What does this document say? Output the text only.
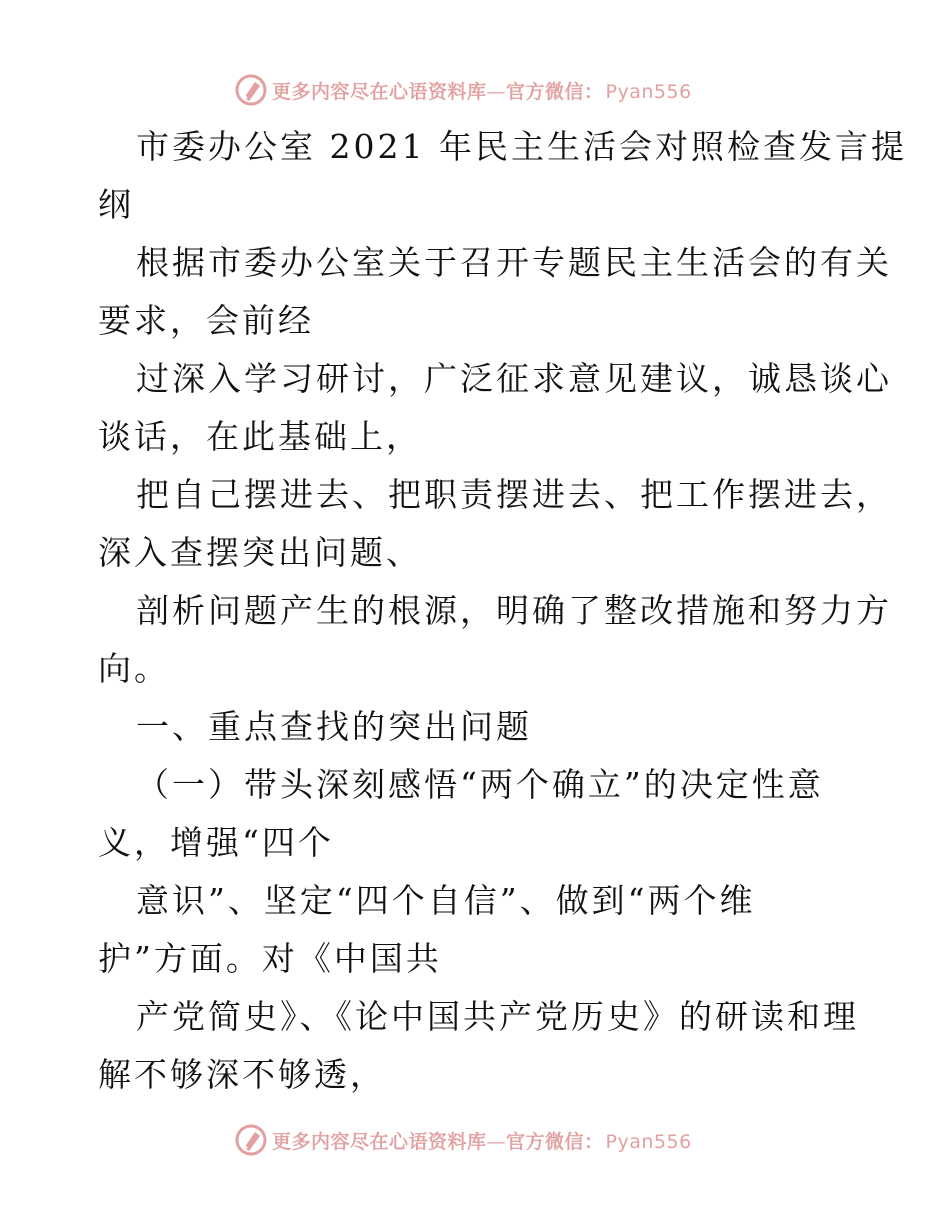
更多内容尽在心语资料库—官方微信： Pyan556
市委办公室 2021 年民主生活会对照检查发言提
纲
根据市委办公室关于召开专题民主生活会的有关
要求，会前经
过深入学习研讨，广泛征求意见建议，诚恳谈心
谈话，在此基础上，
把自己摆进去、把职责摆进去、把工作摆进去，
深入查摆突出问题、
剖析问题产生的根源，明确了整改措施和努力方
向。
一、重点查找的突出问题
（一）带头深刻感悟“两个确立”的决定性意
义，增强“四个
意识”、坚定“四个自信”、做到“两个维
护”方面。对《中国共
产党简史》、《论中国共产党历史》的研读和理
解不够深不够透，
更多内容尽在心语资料库—官方微信： Pyan556
